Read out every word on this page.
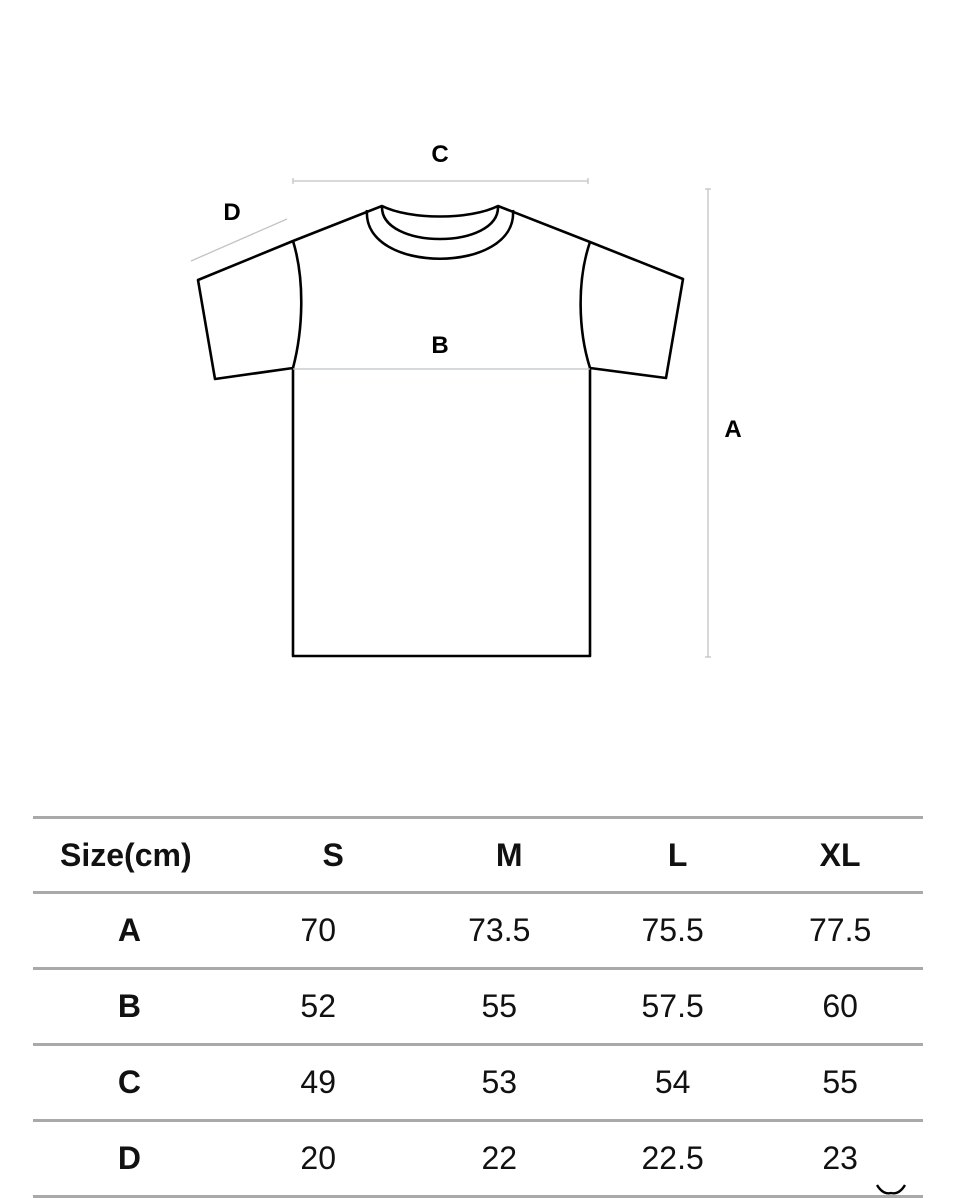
C
D
B
A
Size(cm)	S	M	L	XL
A	70	73.5	75.5	77.5
B	52	55	57.5	60
C	49	53	54	55
D	20	22	22.5	23
